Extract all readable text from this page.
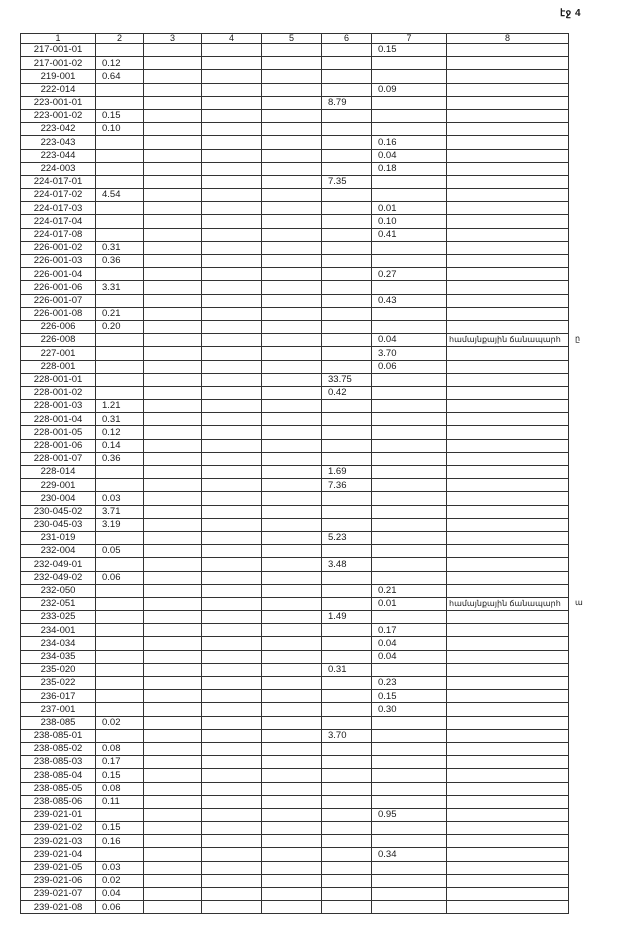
էջ 4
1	2	3	4	5	6	7	8
217-001-01						0.15	
217-001-02	0.12						
219-001	0.64						
222-014						0.09	
223-001-01					8.79		
223-001-02	0.15						
223-042	0.10						
223-043						0.16	
223-044						0.04	
224-003						0.18	
224-017-01					7.35		
224-017-02	4.54						
224-017-03						0.01	
224-017-04						0.10	
224-017-08						0.41	
226-001-02	0.31						
226-001-03	0.36						
226-001-04						0.27	
226-001-06	3.31						
226-001-07						0.43	
226-001-08	0.21						
226-006	0.20						
226-008						0.04	համայնքային ճանապարհ ը

227-001						3.70	
228-001						0.06	
228-001-01					33.75		
228-001-02					0.42		
228-001-03	1.21						
228-001-04	0.31						
228-001-05	0.12						
228-001-06	0.14						
228-001-07	0.36						
228-014					1.69		
229-001					7.36		
230-004	0.03						
230-045-02	3.71						
230-045-03	3.19						
231-019					5.23		
232-004	0.05						
232-049-01					3.48		
232-049-02	0.06						
232-050						0.21	
232-051						0.01	համայնքային ճանապարհ ա

233-025					1.49		
234-001						0.17	
234-034						0.04	
234-035						0.04	
235-020					0.31		
235-022						0.23	
236-017						0.15	
237-001						0.30	
238-085	0.02						
238-085-01					3.70		
238-085-02	0.08						
238-085-03	0.17						
238-085-04	0.15						
238-085-05	0.08						
238-085-06	0.11						
239-021-01						0.95	
239-021-02	0.15						
239-021-03	0.16						
239-021-04						0.34	
239-021-05	0.03						
239-021-06	0.02						
239-021-07	0.04						
239-021-08	0.06						
